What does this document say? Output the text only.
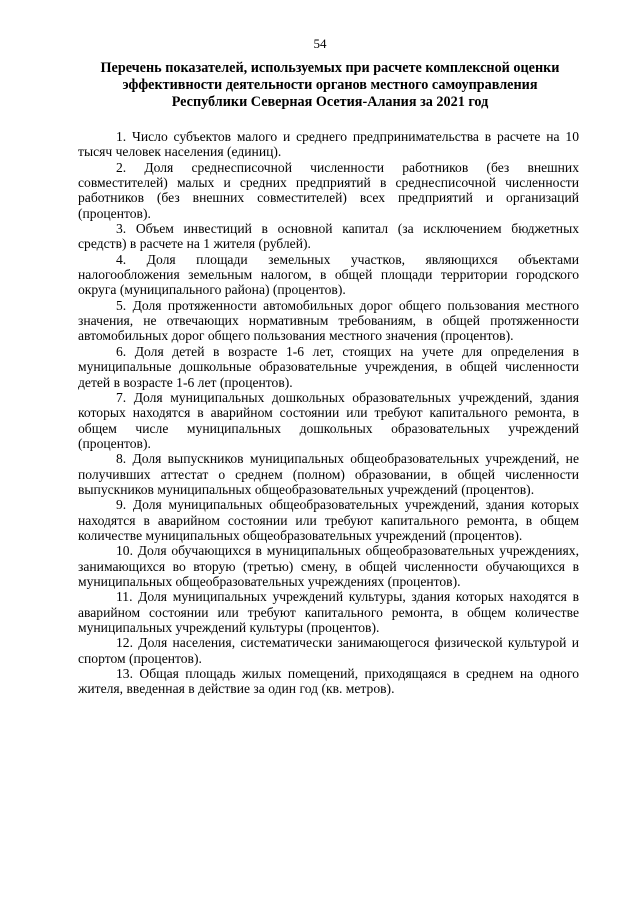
54
Перечень показателей, используемых при расчете комплексной оценки
эффективности деятельности органов местного самоуправления
Республики Северная Осетия-Алания за 2021 год

1. Число субъектов малого и среднего предпринимательства в расчете на 10 тысяч человек населения (единиц).

2. Доля среднесписочной численности работников (без внешних совместителей) малых и средних предприятий в среднесписочной численности работников (без внешних совместителей) всех предприятий и организаций (процентов).

3. Объем инвестиций в основной капитал (за исключением бюджетных средств) в расчете на 1 жителя (рублей).

4. Доля площади земельных участков, являющихся объектами налогообложения земельным налогом, в общей площади территории городского округа (муниципального района) (процентов).

5. Доля протяженности автомобильных дорог общего пользования местного значения, не отвечающих нормативным требованиям, в общей протяженности автомобильных дорог общего пользования местного значения (процентов).

6. Доля детей в возрасте 1-6 лет, стоящих на учете для определения в муниципальные дошкольные образовательные учреждения, в общей численности детей в возрасте 1-6 лет (процентов).

7. Доля муниципальных дошкольных образовательных учреждений, здания которых находятся в аварийном состоянии или требуют капитального ремонта, в общем числе муниципальных дошкольных образовательных учреждений (процентов).

8. Доля выпускников муниципальных общеобразовательных учреждений, не получивших аттестат о среднем (полном) образовании, в общей численности выпускников муниципальных общеобразовательных учреждений (процентов).

9. Доля муниципальных общеобразовательных учреждений, здания которых находятся в аварийном состоянии или требуют капитального ремонта, в общем количестве муниципальных общеобразовательных учреждений (процентов).

10. Доля обучающихся в муниципальных общеобразовательных учреждениях, занимающихся во вторую (третью) смену, в общей численности обучающихся в муниципальных общеобразовательных учреждениях (процентов).

11. Доля муниципальных учреждений культуры, здания которых находятся в аварийном состоянии или требуют капитального ремонта, в общем количестве муниципальных учреждений культуры (процентов).

12. Доля населения, систематически занимающегося физической культурой и спортом (процентов).

13. Общая площадь жилых помещений, приходящаяся в среднем на одного жителя, введенная в действие за один год (кв. метров).
